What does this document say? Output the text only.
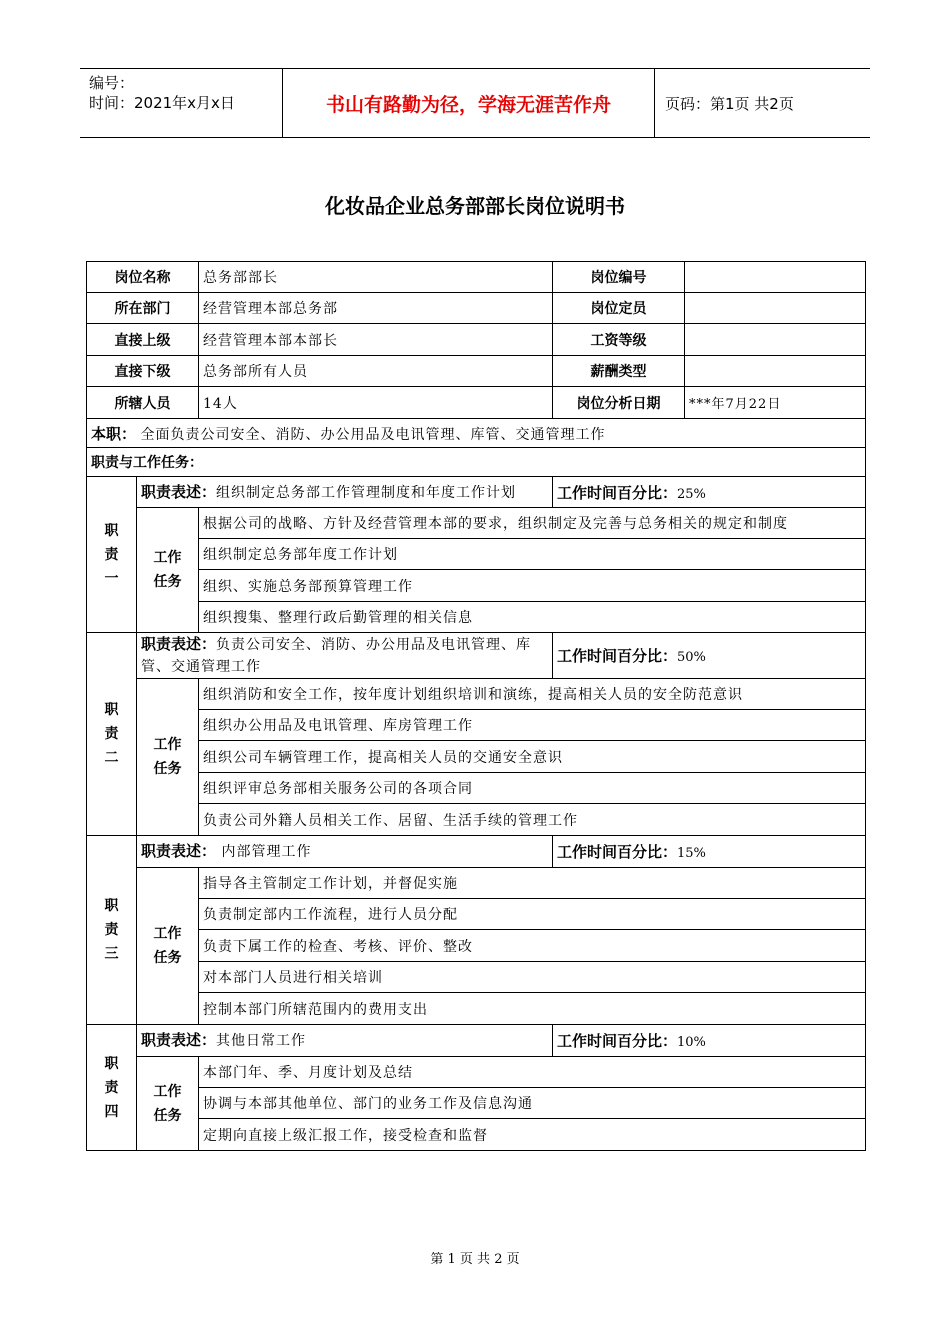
编号：
时间：2021年x月x日	书山有路勤为径，学海无涯苦作舟	页码：第1页 共2页
化妆品企业总务部部长岗位说明书
岗位名称		总务部部长	岗位编号	
所在部门		经营管理本部总务部	岗位定员	
直接上级		经营管理本部本部长	工资等级	
直接下级		总务部所有人员	薪酬类型	
所辖人员		14人	岗位分析日期	***年7月22日
本职： 全面负责公司安全、消防、办公用品及电讯管理、库管、交通管理工作				
职责与工作任务：				
职责一	职责表述：组织制定总务部工作管理制度和年度工作计划		工作时间百分比：25%	
	工作任务	根据公司的战略、方针及经营管理本部的要求，组织制定及完善与总务相关的规定和制度		
		组织制定总务部年度工作计划		
		组织、实施总务部预算管理工作		
		组织搜集、整理行政后勤管理的相关信息		
职责二	职责表述：负责公司安全、消防、办公用品及电讯管理、库管、交通管理工作		工作时间百分比：50%	
	工作任务	组织消防和安全工作，按年度计划组织培训和演练，提高相关人员的安全防范意识		
		组织办公用品及电讯管理、库房管理工作		
		组织公司车辆管理工作，提高相关人员的交通安全意识		
		组织评审总务部相关服务公司的各项合同		
		负责公司外籍人员相关工作、居留、生活手续的管理工作		
职责三	职责表述： 内部管理工作		工作时间百分比：15%	
	工作任务	指导各主管制定工作计划，并督促实施		
		负责制定部内工作流程，进行人员分配		
		负责下属工作的检查、考核、评价、整改		
		对本部门人员进行相关培训		
		控制本部门所辖范围内的费用支出		
职责四	职责表述：其他日常工作		工作时间百分比：10%	
	工作任务	本部门年、季、月度计划及总结		
		协调与本部其他单位、部门的业务工作及信息沟通		
		定期向直接上级汇报工作，接受检查和监督		
第 1 页 共 2 页
